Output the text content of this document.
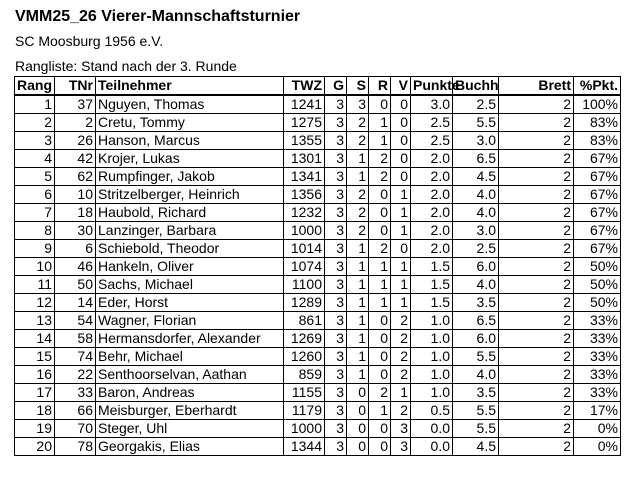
VMM25_26 Vierer-Mannschaftsturnier
SC Moosburg 1956 e.V.
Rangliste: Stand nach der 3. Runde
Rang	TNr	Teilnehmer	TWZ	G	S	R	V	Punkte	Buchh	Brett	%Pkt.
1	37	Nguyen, Thomas	1241	3	3	0	0	3.0	2.5	2	100%
2	2	Cretu, Tommy	1275	3	2	1	0	2.5	5.5	2	83%
3	26	Hanson, Marcus	1355	3	2	1	0	2.5	3.0	2	83%
4	42	Krojer, Lukas	1301	3	1	2	0	2.0	6.5	2	67%
5	62	Rumpfinger, Jakob	1341	3	1	2	0	2.0	4.5	2	67%
6	10	Stritzelberger, Heinrich	1356	3	2	0	1	2.0	4.0	2	67%
7	18	Haubold, Richard	1232	3	2	0	1	2.0	4.0	2	67%
8	30	Lanzinger, Barbara	1000	3	2	0	1	2.0	3.0	2	67%
9	6	Schiebold, Theodor	1014	3	1	2	0	2.0	2.5	2	67%
10	46	Hankeln, Oliver	1074	3	1	1	1	1.5	6.0	2	50%
11	50	Sachs, Michael	1100	3	1	1	1	1.5	4.0	2	50%
12	14	Eder, Horst	1289	3	1	1	1	1.5	3.5	2	50%
13	54	Wagner, Florian	861	3	1	0	2	1.0	6.5	2	33%
14	58	Hermansdorfer, Alexander	1269	3	1	0	2	1.0	6.0	2	33%
15	74	Behr, Michael	1260	3	1	0	2	1.0	5.5	2	33%
16	22	Senthoorselvan, Aathan	859	3	1	0	2	1.0	4.0	2	33%
17	33	Baron, Andreas	1155	3	0	2	1	1.0	3.5	2	33%
18	66	Meisburger, Eberhardt	1179	3	0	1	2	0.5	5.5	2	17%
19	70	Steger, Uhl	1000	3	0	0	3	0.0	5.5	2	0%
20	78	Georgakis, Elias	1344	3	0	0	3	0.0	4.5	2	0%
